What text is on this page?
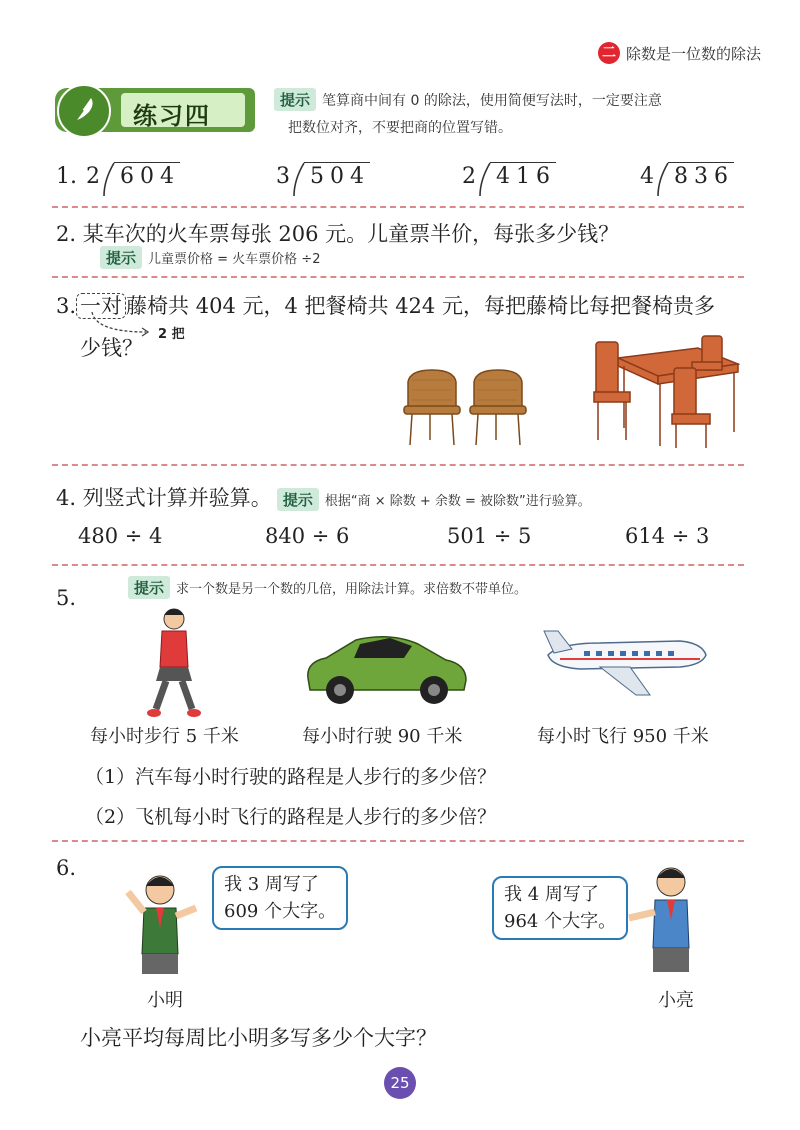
二 除数是一位数的除法
练习四
提示 笔算商中间有 0 的除法，使用简便写法时，一定要注意
把数位对齐，不要把商的位置写错。
1. 2 604	3 504	2 416	4 836
2. 某车次的火车票每张 206 元。儿童票半价，每张多少钱？
提示 儿童票价格 = 火车票价格 ÷2
3. 一对 藤椅共 404 元，4 把餐椅共 424 元，每把藤椅比每把餐椅贵多
少钱？
2 把
4. 列竖式计算并验算。 提示 根据“商 × 除数 + 余数 = 被除数”进行验算。
480 ÷ 4	840 ÷ 6	501 ÷ 5	614 ÷ 3
5.	提示 求一个数是另一个数的几倍，用除法计算。求倍数不带单位。
每小时步行 5 千米	每小时行驶 90 千米	每小时飞行 950 千米
（1）汽车每小时行驶的路程是人步行的多少倍？
（2）飞机每小时飞行的路程是人步行的多少倍？
6.
我 3 周写了
609 个大字。
我 4 周写了
964 个大字。
小明	小亮
小亮平均每周比小明多写多少个大字？
25
